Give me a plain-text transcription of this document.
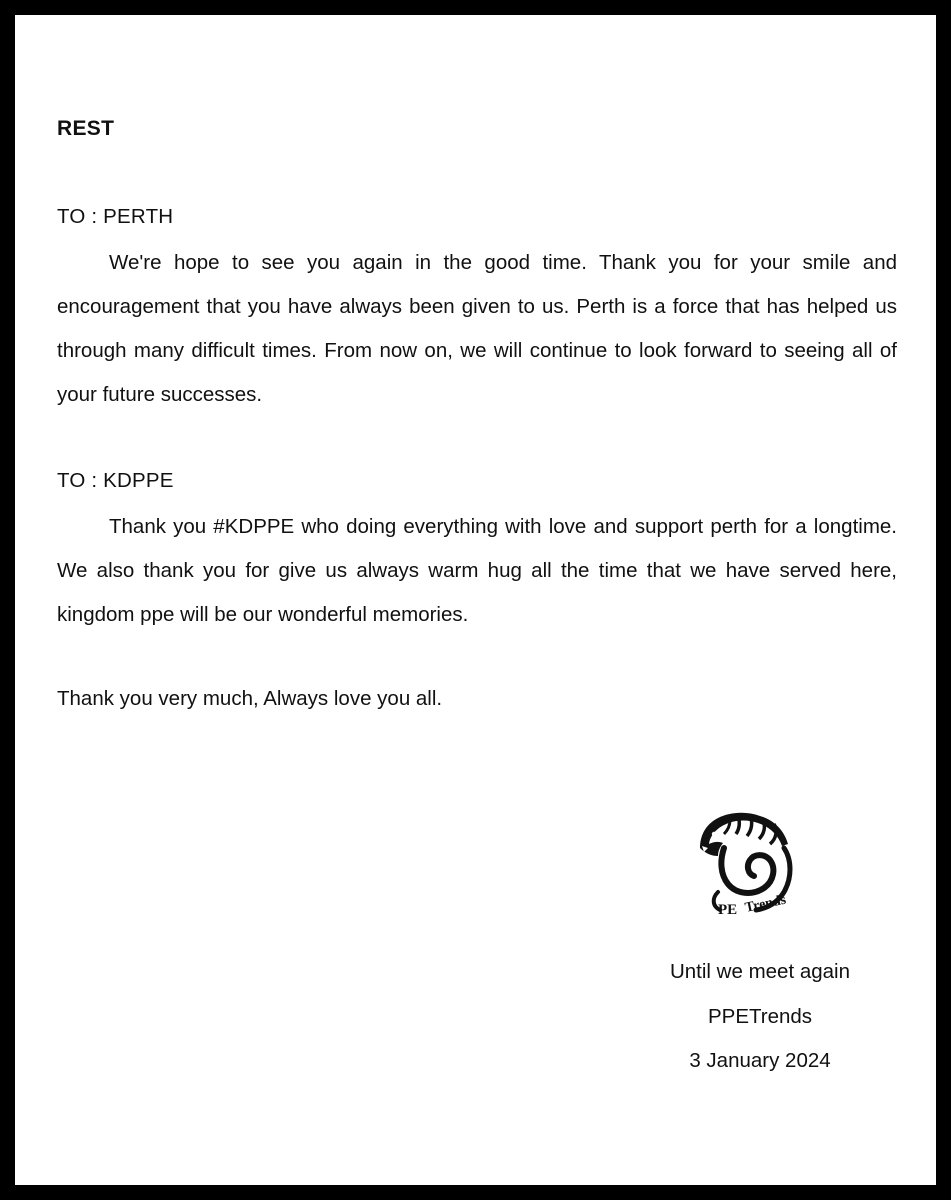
REST
TO : PERTH
We're hope to see you again in the good time. Thank you for your smile and encouragement that you have always been given to us. Perth is a force that has helped us through many difficult times. From now on, we will continue to look forward to seeing all of your future successes.
TO : KDPPE
Thank you #KDPPE who doing everything with love and support perth for a longtime. We also thank you for give us always warm hug all the time that we have served here, kingdom ppe will be our wonderful memories.
Thank you very much, Always love you all.
PE Trends
Until we meet again
PPETrends
3 January 2024
